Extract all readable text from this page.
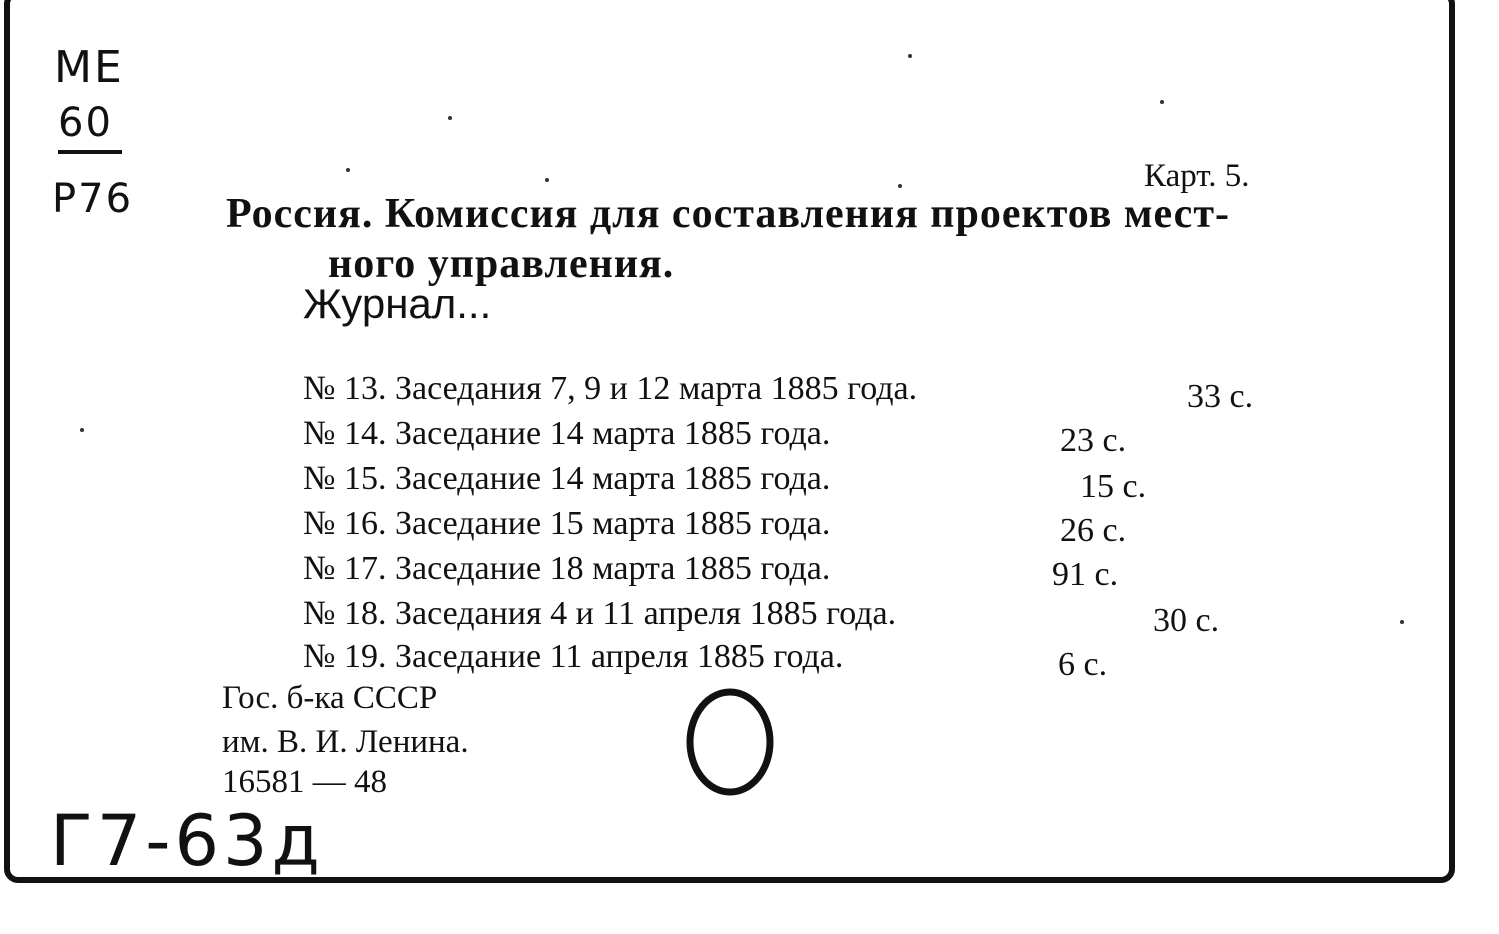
ME
60
P76	Карт. 5.
Россия. Комиссия для составления проектов мест-
ного управления.
Журнал...
№ 13. Заседания 7, 9 и 12 марта 1885 года.	33 с.
№ 14. Заседание 14 марта 1885 года.	23 с.
№ 15. Заседание 14 марта 1885 года.	15 с.
№ 16. Заседание 15 марта 1885 года.	26 с.
№ 17. Заседание 18 марта 1885 года.	91 с.
№ 18. Заседания 4 и 11 апреля 1885 года.	30 с.
№ 19. Заседание 11 апреля 1885 года.	6 с.
Гос. б-ка СССР
им. В. И. Ленина.
16581 — 48
Г7-63д
